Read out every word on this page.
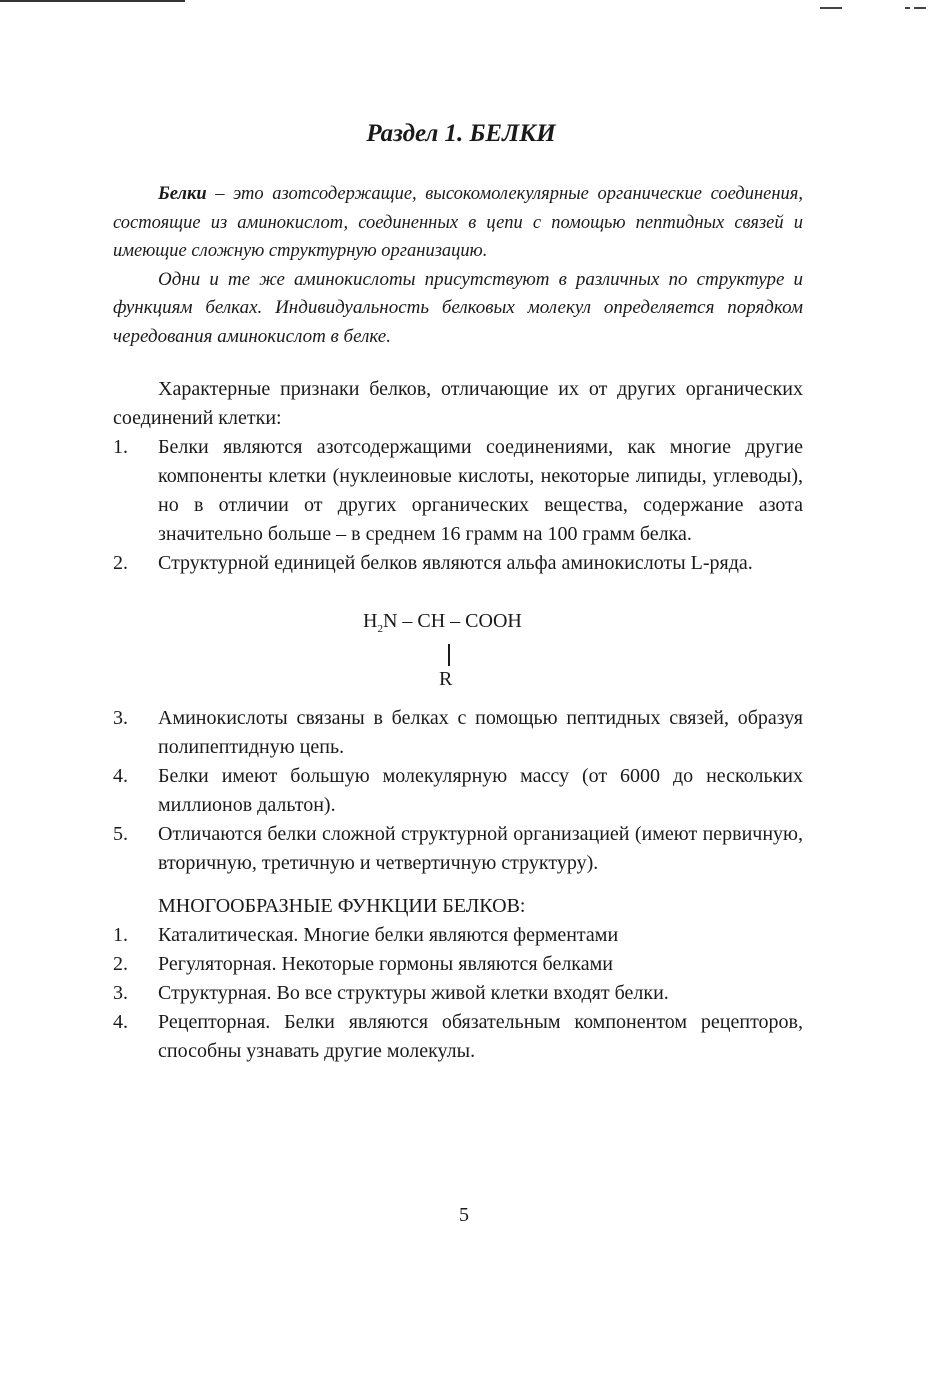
Раздел 1. БЕЛКИ

Белки – это азотсодержащие, высокомолекулярные органические соединения, состоящие из аминокислот, соединенных в цепи с помощью пептидных связей и имеющие сложную структурную организацию.

Одни и те же аминокислоты присутствуют в различных по структуре и функциям белках. Индивидуальность белковых молекул определяется порядком чередования аминокислот в белке.

Характерные признаки белков, отличающие их от других органических соединений клетки:

1. Белки являются азотсодержащими соединениями, как многие другие компоненты клетки (нуклеиновые кислоты, некоторые липиды, углеводы), но в отличии от других органических вещества, содержание азота значительно больше – в среднем 16 грамм на 100 грамм белка.
2. Структурной единицей белков являются альфа аминокислоты L-ряда.
$H_2N$ – CH – COOH
R
3. Аминокислоты связаны в белках с помощью пептидных связей, образуя полипептидную цепь.
4. Белки имеют большую молекулярную массу (от 6000 до нескольких миллионов дальтон).
5. Отличаются белки сложной структурной организацией (имеют первичную, вторичную, третичную и четвертичную структуру).
МНОГООБРАЗНЫЕ ФУНКЦИИ БЕЛКОВ:
1. Каталитическая. Многие белки являются ферментами
2. Регуляторная. Некоторые гормоны являются белками
3. Структурная. Во все структуры живой клетки входят белки.
4. Рецепторная. Белки являются обязательным компонентом рецепторов, способны узнавать другие молекулы.
5
